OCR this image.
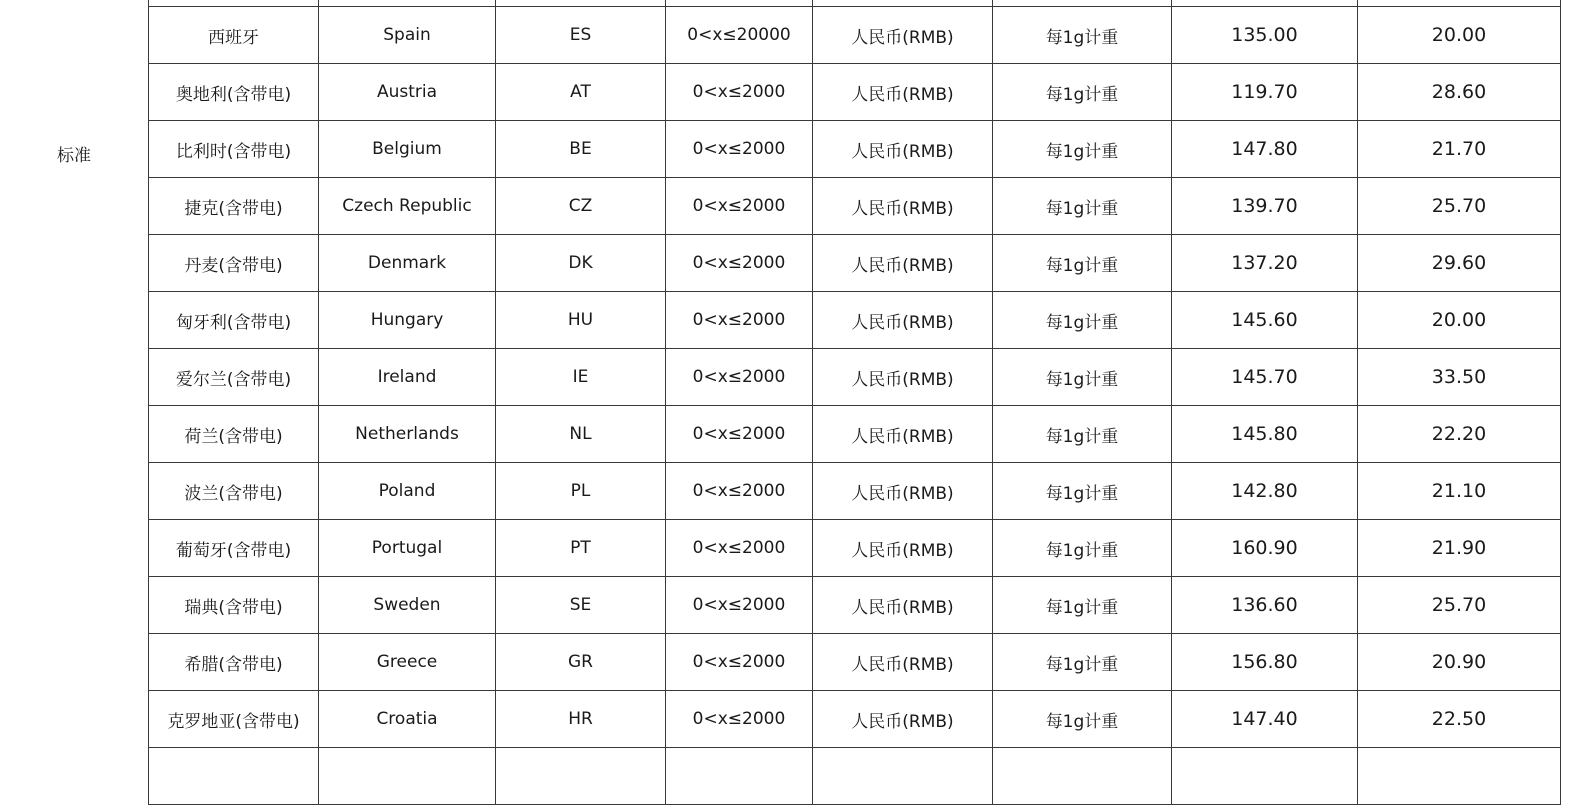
标准

西班牙	Spain	ES	0<x≤20000	人民币(RMB)	每1g计重	135.00	20.00
奥地利(含带电)	Austria	AT	0<x≤2000	人民币(RMB)	每1g计重	119.70	28.60
比利时(含带电)	Belgium	BE	0<x≤2000	人民币(RMB)	每1g计重	147.80	21.70
捷克(含带电)	Czech Republic	CZ	0<x≤2000	人民币(RMB)	每1g计重	139.70	25.70
丹麦(含带电)	Denmark	DK	0<x≤2000	人民币(RMB)	每1g计重	137.20	29.60
匈牙利(含带电)	Hungary	HU	0<x≤2000	人民币(RMB)	每1g计重	145.60	20.00
爱尔兰(含带电)	Ireland	IE	0<x≤2000	人民币(RMB)	每1g计重	145.70	33.50
荷兰(含带电)	Netherlands	NL	0<x≤2000	人民币(RMB)	每1g计重	145.80	22.20
波兰(含带电)	Poland	PL	0<x≤2000	人民币(RMB)	每1g计重	142.80	21.10
葡萄牙(含带电)	Portugal	PT	0<x≤2000	人民币(RMB)	每1g计重	160.90	21.90
瑞典(含带电)	Sweden	SE	0<x≤2000	人民币(RMB)	每1g计重	136.60	25.70
希腊(含带电)	Greece	GR	0<x≤2000	人民币(RMB)	每1g计重	156.80	20.90
克罗地亚(含带电)	Croatia	HR	0<x≤2000	人民币(RMB)	每1g计重	147.40	22.50
